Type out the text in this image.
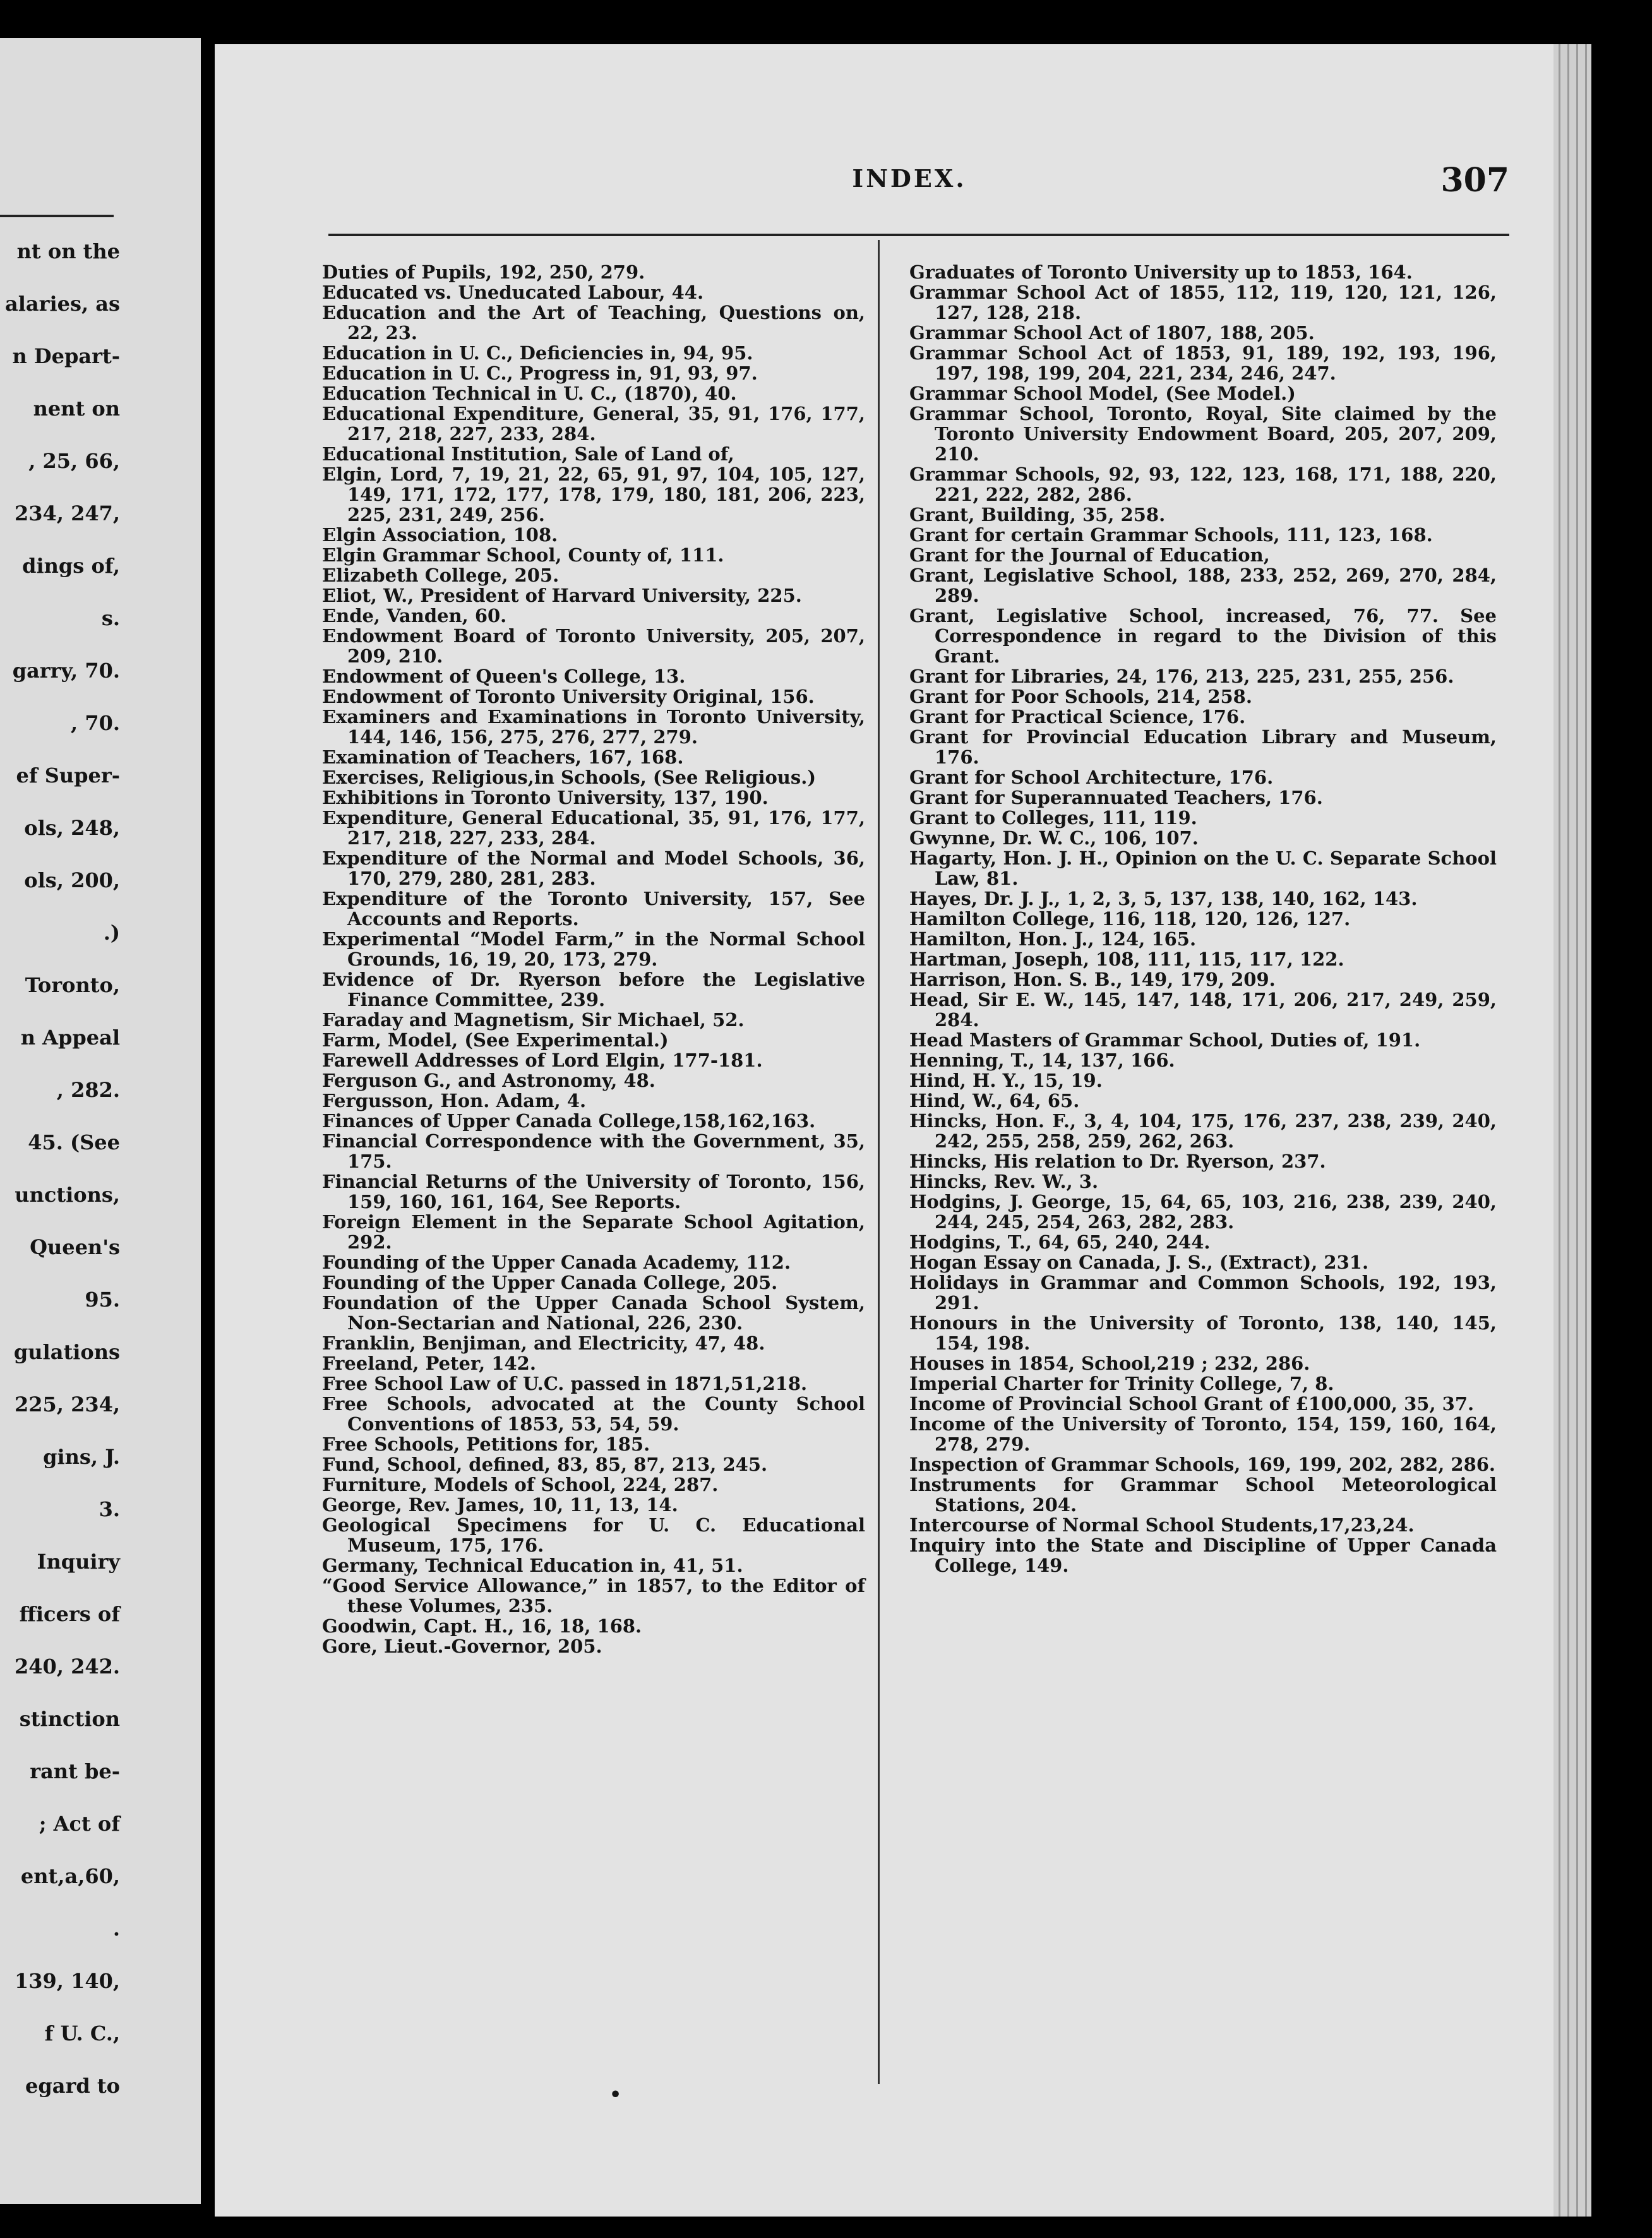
nt on the
alaries, as
n Depart-
nent on
, 25, 66,
234, 247,
dings of,
s.
garry, 70.
, 70.
ef Super-
ols, 248,
ols, 200,
.)
Toronto,
n Appeal
, 282.
45. (See
unctions,
Queen's
95.
gulations
225, 234,
gins, J.
3.
Inquiry
fficers of
240, 242.
stinction
rant be-
; Act of
ent,a,60,
.
139, 140,
f U. C.,
egard to
INDEX.	307
Duties of Pupils, 192, 250, 279.
Educated vs. Uneducated Labour, 44.
Education and the Art of Teaching, Questions on, 22, 23.
Education in U. C., Deficiencies in, 94, 95.
Education in U. C., Progress in, 91, 93, 97.
Education Technical in U. C., (1870), 40.
Educational Expenditure, General, 35, 91, 176, 177, 217, 218, 227, 233, 284.
Educational Institution, Sale of Land of,
Elgin, Lord, 7, 19, 21, 22, 65, 91, 97, 104, 105, 127, 149, 171, 172, 177, 178, 179, 180, 181, 206, 223, 225, 231, 249, 256.
Elgin Association, 108.
Elgin Grammar School, County of, 111.
Elizabeth College, 205.
Eliot, W., President of Harvard University, 225.
Ende, Vanden, 60.
Endowment Board of Toronto University, 205, 207, 209, 210.
Endowment of Queen's College, 13.
Endowment of Toronto University Original, 156.
Examiners and Examinations in Toronto University, 144, 146, 156, 275, 276, 277, 279.
Examination of Teachers, 167, 168.
Exercises, Religious,in Schools, (See Religious.)
Exhibitions in Toronto University, 137, 190.
Expenditure, General Educational, 35, 91, 176, 177, 217, 218, 227, 233, 284.
Expenditure of the Normal and Model Schools, 36, 170, 279, 280, 281, 283.
Expenditure of the Toronto University, 157, See Accounts and Reports.
Experimental “Model Farm,” in the Normal School Grounds, 16, 19, 20, 173, 279.
Evidence of Dr. Ryerson before the Legislative Finance Committee, 239.
Faraday and Magnetism, Sir Michael, 52.
Farm, Model, (See Experimental.)
Farewell Addresses of Lord Elgin, 177-181.
Ferguson G., and Astronomy, 48.
Fergusson, Hon. Adam, 4.
Finances of Upper Canada College,158,162,163.
Financial Correspondence with the Government, 35, 175.
Financial Returns of the University of Toronto, 156, 159, 160, 161, 164, See Reports.
Foreign Element in the Separate School Agitation, 292.
Founding of the Upper Canada Academy, 112.
Founding of the Upper Canada College, 205.
Foundation of the Upper Canada School System, Non-Sectarian and National, 226, 230.
Franklin, Benjiman, and Electricity, 47, 48.
Freeland, Peter, 142.
Free School Law of U.C. passed in 1871,51,218.
Free Schools, advocated at the County School Conventions of 1853, 53, 54, 59.
Free Schools, Petitions for, 185.
Fund, School, defined, 83, 85, 87, 213, 245.
Furniture, Models of School, 224, 287.
George, Rev. James, 10, 11, 13, 14.
Geological Specimens for U. C. Educational Museum, 175, 176.
Germany, Technical Education in, 41, 51.
“Good Service Allowance,” in 1857, to the Editor of these Volumes, 235.
Goodwin, Capt. H., 16, 18, 168.
Gore, Lieut.-Governor, 205.
Graduates of Toronto University up to 1853, 164.
Grammar School Act of 1855, 112, 119, 120, 121, 126, 127, 128, 218.
Grammar School Act of 1807, 188, 205.
Grammar School Act of 1853, 91, 189, 192, 193, 196, 197, 198, 199, 204, 221, 234, 246, 247.
Grammar School Model, (See Model.)
Grammar School, Toronto, Royal, Site claimed by the Toronto University Endowment Board, 205, 207, 209, 210.
Grammar Schools, 92, 93, 122, 123, 168, 171, 188, 220, 221, 222, 282, 286.
Grant, Building, 35, 258.
Grant for certain Grammar Schools, 111, 123, 168.
Grant for the Journal of Education,
Grant, Legislative School, 188, 233, 252, 269, 270, 284, 289.
Grant, Legislative School, increased, 76, 77. See Correspondence in regard to the Division of this Grant.
Grant for Libraries, 24, 176, 213, 225, 231, 255, 256.
Grant for Poor Schools, 214, 258.
Grant for Practical Science, 176.
Grant for Provincial Education Library and Museum, 176.
Grant for School Architecture, 176.
Grant for Superannuated Teachers, 176.
Grant to Colleges, 111, 119.
Gwynne, Dr. W. C., 106, 107.
Hagarty, Hon. J. H., Opinion on the U. C. Separate School Law, 81.
Hayes, Dr. J. J., 1, 2, 3, 5, 137, 138, 140, 162, 143.
Hamilton College, 116, 118, 120, 126, 127.
Hamilton, Hon. J., 124, 165.
Hartman, Joseph, 108, 111, 115, 117, 122.
Harrison, Hon. S. B., 149, 179, 209.
Head, Sir E. W., 145, 147, 148, 171, 206, 217, 249, 259, 284.
Head Masters of Grammar School, Duties of, 191.
Henning, T., 14, 137, 166.
Hind, H. Y., 15, 19.
Hind, W., 64, 65.
Hincks, Hon. F., 3, 4, 104, 175, 176, 237, 238, 239, 240, 242, 255, 258, 259, 262, 263.
Hincks, His relation to Dr. Ryerson, 237.
Hincks, Rev. W., 3.
Hodgins, J. George, 15, 64, 65, 103, 216, 238, 239, 240, 244, 245, 254, 263, 282, 283.
Hodgins, T., 64, 65, 240, 244.
Hogan Essay on Canada, J. S., (Extract), 231.
Holidays in Grammar and Common Schools, 192, 193, 291.
Honours in the University of Toronto, 138, 140, 145, 154, 198.
Houses in 1854, School,219 ; 232, 286.
Imperial Charter for Trinity College, 7, 8.
Income of Provincial School Grant of £100,000, 35, 37.
Income of the University of Toronto, 154, 159, 160, 164, 278, 279.
Inspection of Grammar Schools, 169, 199, 202, 282, 286.
Instruments for Grammar School Meteorological Stations, 204.
Intercourse of Normal School Students,17,23,24.
Inquiry into the State and Discipline of Upper Canada College, 149.
•
